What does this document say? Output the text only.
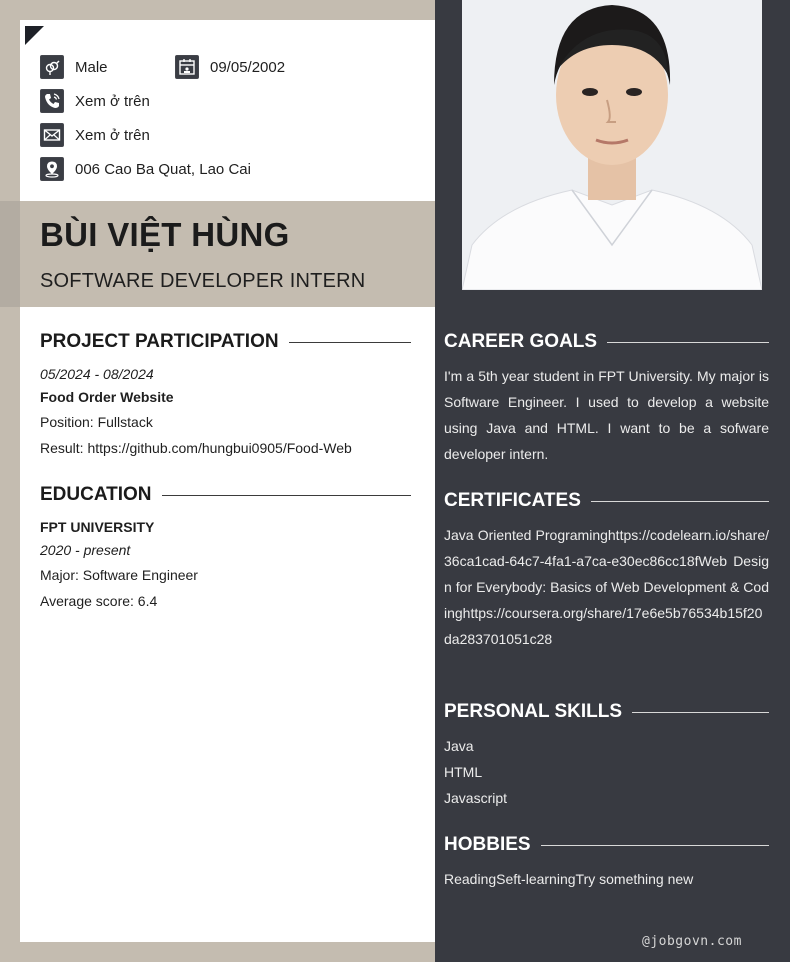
Male	09/05/2002
Xem ở trên
Xem ở trên
006 Cao Ba Quat, Lao Cai
BÙI VIỆT HÙNG
SOFTWARE DEVELOPER INTERN
PROJECT PARTICIPATION
05/2024 - 08/2024
Food Order Website
Position: Fullstack
Result: https://github.com/hungbui0905/Food-Web
EDUCATION
FPT UNIVERSITY
2020 - present
Major: Software Engineer
Average score: 6.4
CAREER GOALS
I'm a 5th year student in FPT University. My major is Software Engineer. I used to develop a website using Java and HTML. I want to be a sofware developer intern.
CERTIFICATES
Java Oriented Programinghttps://codelearn.io/share/36ca1cad-64c7-4fa1-a7ca-e30ec86cc18fWeb Design for Everybody: Basics of Web Development & Codinghttps://coursera.org/share/17e6e5b76534b15f20da283701051c28
PERSONAL SKILLS
Java
HTML
Javascript
HOBBIES
ReadingSeft-learningTry something new
@jobgovn.com
